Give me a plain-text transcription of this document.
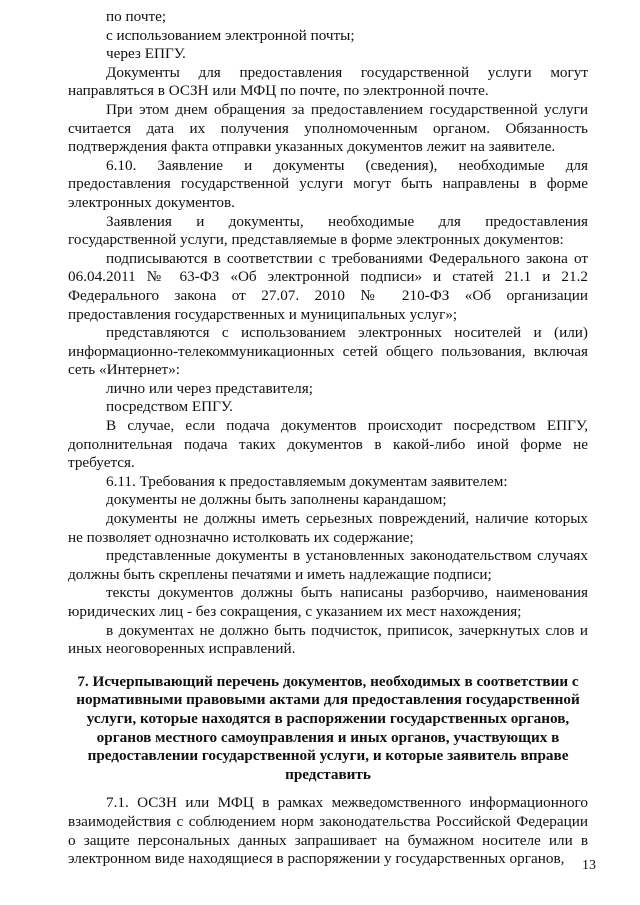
по почте;

с использованием электронной почты;

через ЕПГУ.

Документы для предоставления государственной услуги могут направляться в ОСЗН или МФЦ по почте, по электронной почте.

При этом днем обращения за предоставлением государственной услуги считается дата их получения уполномоченным органом. Обязанность подтверждения факта отправки указанных документов лежит на заявителе.

6.10. Заявление и документы (сведения), необходимые для предоставления государственной услуги могут быть направлены в форме электронных документов.

Заявления и документы, необходимые для предоставления государственной услуги, представляемые в форме электронных документов:

подписываются в соответствии с требованиями Федерального закона от 06.04.2011 № 63-ФЗ «Об электронной подписи» и статей 21.1 и 21.2 Федерального закона от 27.07. 2010 № 210-ФЗ «Об организации предоставления государственных и муниципальных услуг»;

представляются с использованием электронных носителей и (или) информационно-телекоммуникационных сетей общего пользования, включая сеть «Интернет»:

лично или через представителя;

посредством ЕПГУ.

В случае, если подача документов происходит посредством ЕПГУ, дополнительная подача таких документов в какой-либо иной форме не требуется.

6.11. Требования к предоставляемым документам заявителем:

документы не должны быть заполнены карандашом;

документы не должны иметь серьезных повреждений, наличие которых не позволяет однозначно истолковать их содержание;

представленные документы в установленных законодательством случаях должны быть скреплены печатями и иметь надлежащие подписи;

тексты документов должны быть написаны разборчиво, наименования юридических лиц - без сокращения, с указанием их мест нахождения;

в документах не должно быть подчисток, приписок, зачеркнутых слов и иных неоговоренных исправлений.

7. Исчерпывающий перечень документов, необходимых в соответствии с нормативными правовыми актами для предоставления государственной услуги, которые находятся в распоряжении государственных органов, органов местного самоуправления и иных органов, участвующих в предоставлении государственной услуги, и которые заявитель вправе представить

7.1. ОСЗН или МФЦ в рамках межведомственного информационного взаимодействия с соблюдением норм законодательства Российской Федерации о защите персональных данных запрашивает на бумажном носителе или в электронном виде находящиеся в распоряжении у государственных органов,	13
